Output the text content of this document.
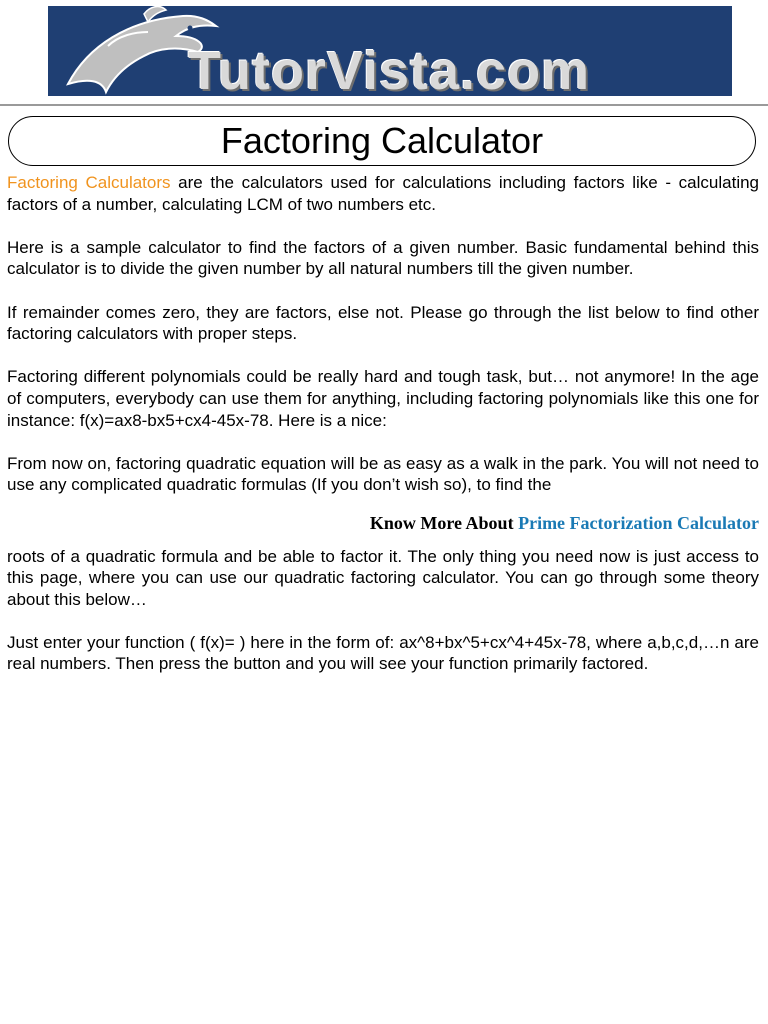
TutorVista.com	TM
Factoring Calculator

Factoring Calculators are the calculators used for calculations including factors like - calculating factors of a number, calculating LCM of two numbers etc.

Here is a sample calculator to find the factors of a given number. Basic fundamental behind this calculator is to divide the given number by all natural numbers till the given number.

If remainder comes zero, they are factors, else not. Please go through the list below to find other factoring calculators with proper steps.

Factoring different polynomials could be really hard and tough task, but… not anymore! In the age of computers, everybody can use them for anything, including factoring polynomials like this one for instance: f(x)=ax8-bx5+cx4-45x-78. Here is a nice:

From now on, factoring quadratic equation will be as easy as a walk in the park. You will not need to use any complicated quadratic formulas (If you don’t wish so), to find the

Know More About Prime Factorization Calculator

roots of a quadratic formula and be able to factor it. The only thing you need now is just access to this page, where you can use our quadratic factoring calculator. You can go through some theory about this below…

Just enter your function ( f(x)= ) here in the form of: ax^8+bx^5+cx^4+45x-78, where a,b,c,d,…n are real numbers. Then press the button and you will see your function primarily factored.
